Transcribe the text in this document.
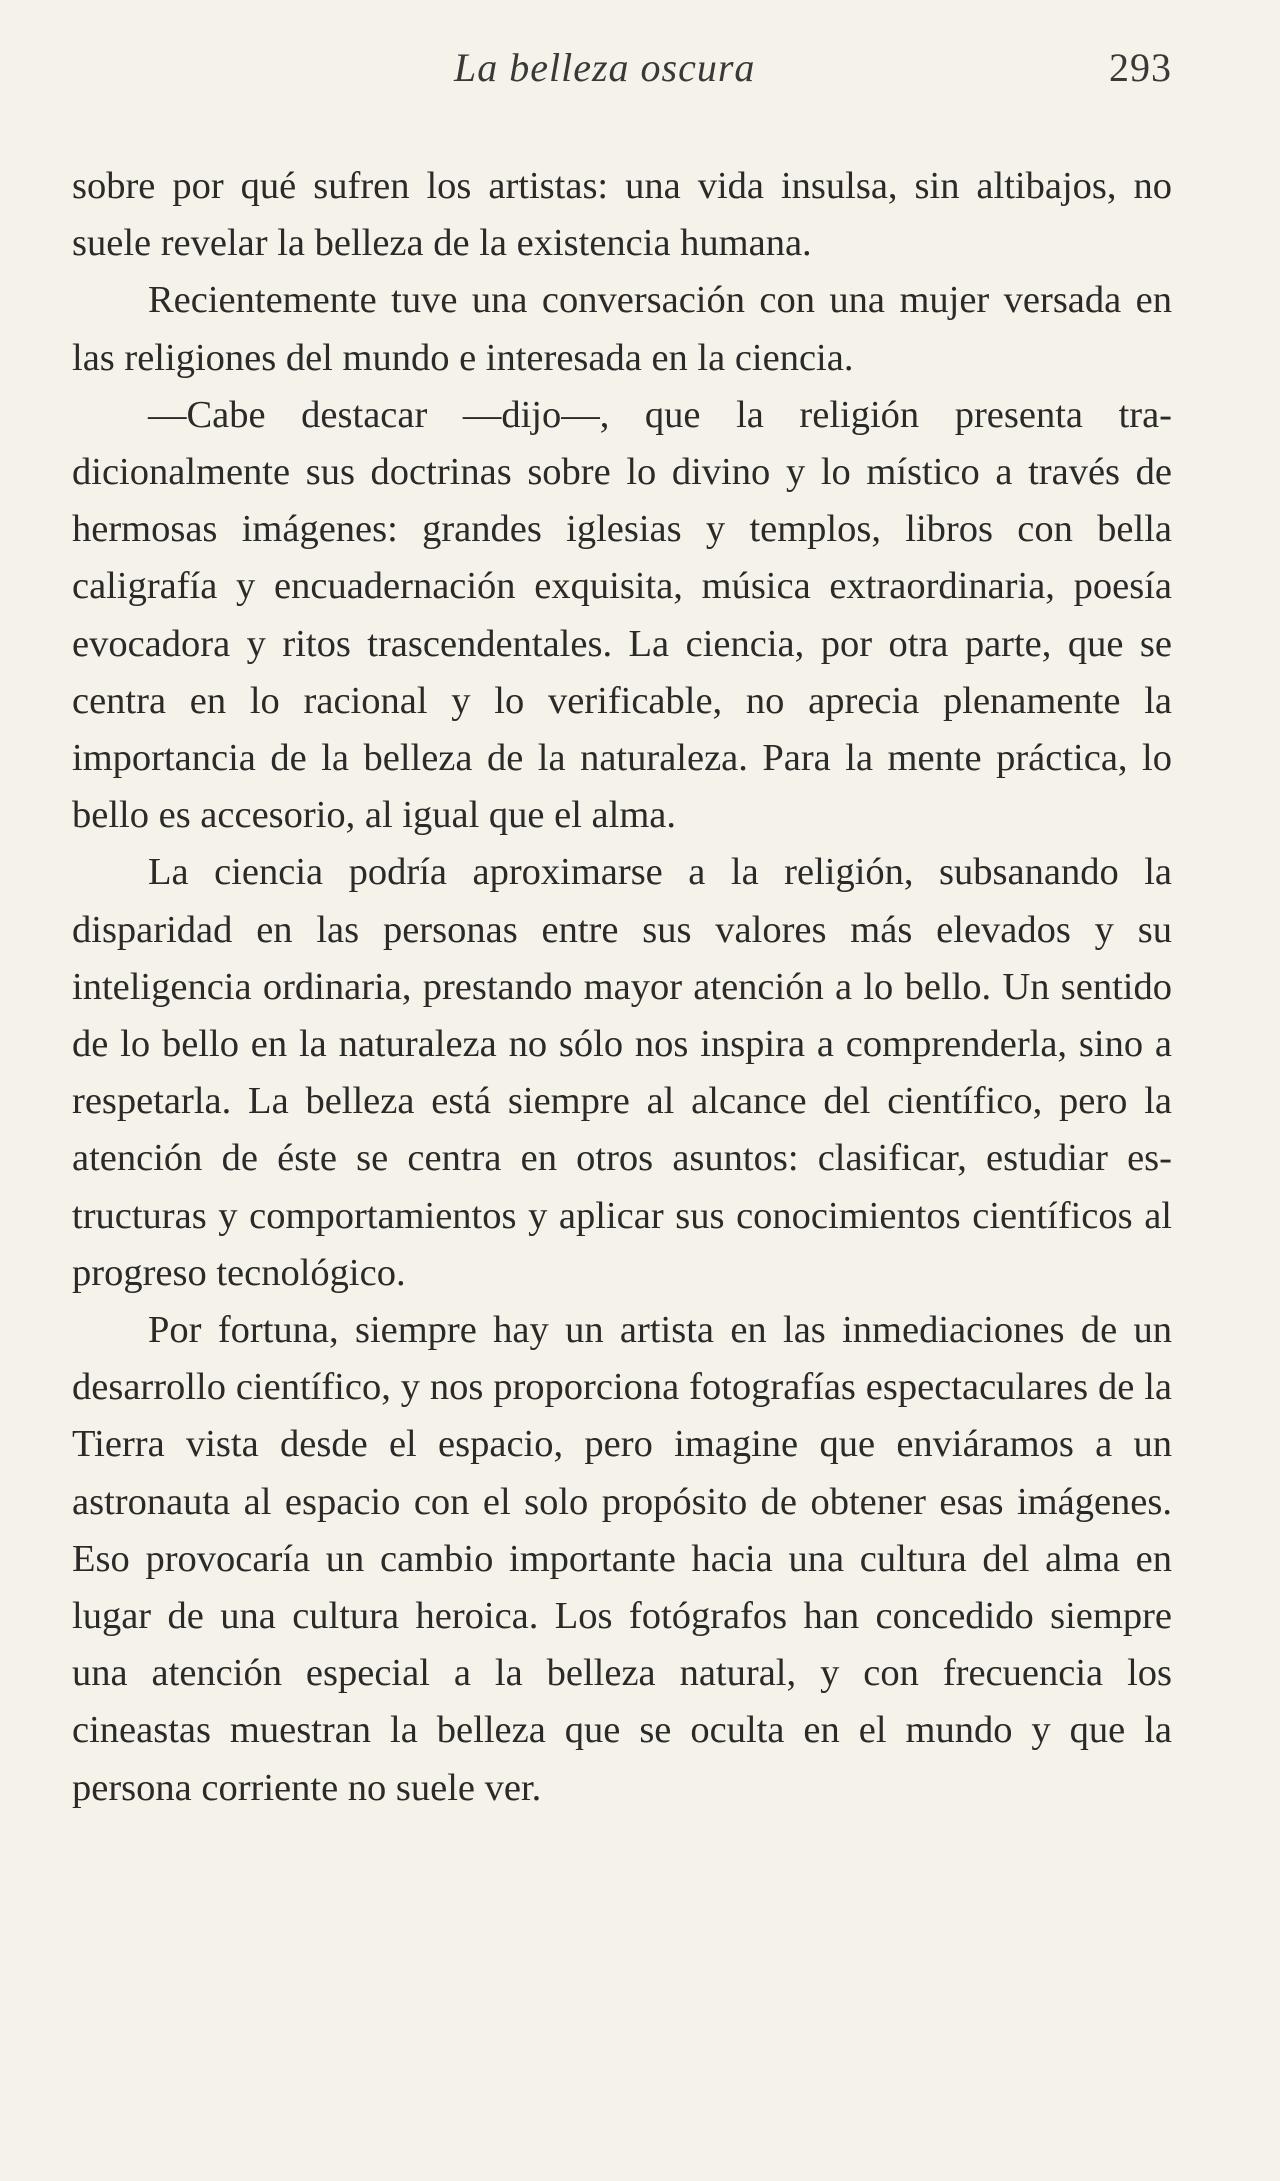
La belleza oscura	293

sobre por qué sufren los artistas: una vida insulsa, sin altibajos, no suele revelar la belleza de la existencia humana.

Recientemente tuve una conversación con una mujer versada en las religiones del mundo e interesada en la ciencia.

—Cabe destacar —dijo—, que la religión presenta tradicionalmente sus doctrinas sobre lo divino y lo místico a través de hermosas imágenes: grandes iglesias y templos, libros con bella caligrafía y encuadernación exquisita, música extraordinaria, poesía evocadora y ritos trascendentales. La ciencia, por otra parte, que se centra en lo racional y lo verificable, no aprecia plenamente la importancia de la belleza de la naturaleza. Para la mente práctica, lo bello es accesorio, al igual que el alma.

La ciencia podría aproximarse a la religión, subsanando la disparidad en las personas entre sus valores más elevados y su inteligencia ordinaria, prestando mayor atención a lo bello. Un sentido de lo bello en la naturaleza no sólo nos inspira a comprenderla, sino a respetarla. La belleza está siempre al alcance del científico, pero la atención de éste se centra en otros asuntos: clasificar, estudiar estructuras y comportamientos y aplicar sus conocimientos científicos al progreso tecnológico.

Por fortuna, siempre hay un artista en las inmediaciones de un desarrollo científico, y nos proporciona fotografías espectaculares de la Tierra vista desde el espacio, pero imagine que enviáramos a un astronauta al espacio con el solo propósito de obtener esas imágenes. Eso provocaría un cambio importante hacia una cultura del alma en lugar de una cultura heroica. Los fotógrafos han concedido siempre una atención especial a la belleza natural, y con frecuencia los cineastas muestran la belleza que se oculta en el mundo y que la persona corriente no suele ver.
